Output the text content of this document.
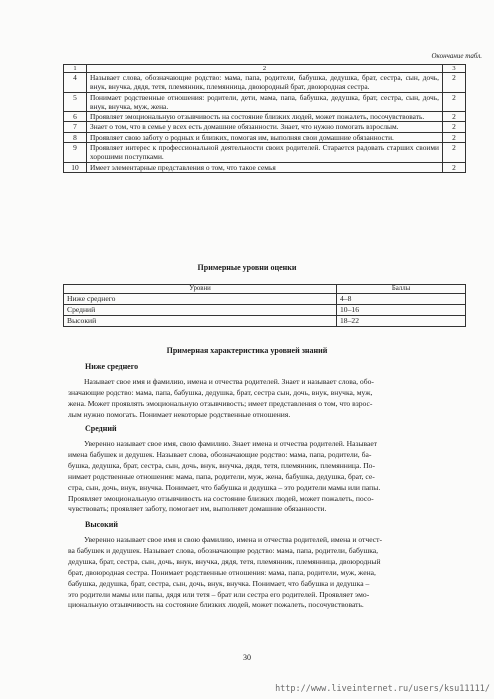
Окончание табл.
1	2	3
4	Называет слова, обозначающие родство: мама, папа, родители, бабушка, дедушка, брат, сестра, сын, дочь, внук, внучка, дядя, тетя, племянник, племянница, двоюродный брат, двоюродная сестра.	2
5	Понимает родственные отношения: родители, дети, мама, папа, бабушка, дедушка, брат, сестра, сын, дочь, внук, внучка, муж, жена.	2
6	Проявляет эмоциональную отзывчивость на состояние близких людей, может пожалеть, посочувствовать.	2
7	Знает о том, что в семье у всех есть домашние обязанности. Знает, что нужно помогать взрослым.	2
8	Проявляет свою заботу о родных и близких, помогая им, выполняя свои домашние обязанности.	2
9	Проявляет интерес к профессиональной деятельности своих родителей. Старается радовать старших своими хорошими поступками.	2
10	Имеет элементарные представления о том, что такое семья	2
Примерные уровни оценки
Уровни	Баллы
Ниже среднего	4–8
Средний	10–16
Высокий	18–22
Примерная характеристика уровней знаний
Ниже среднего
Называет свое имя и фамилию, имена и отчества родителей. Знает и называет слова, обо-
значающие родство: мама, папа, бабушка, дедушка, брат, сестра сын, дочь, внук, внучка, муж,
жена. Может проявлять эмоциональную отзывчивость; имеет представления о том, что взрос-
лым нужно помогать. Понимает некоторые родственные отношения.
Средний
Уверенно называет свое имя, свою фамилию. Знает имена и отчества родителей. Называет
имена бабушек и дедушек. Называет слова, обозначающие родство: мама, папа, родители, ба-
бушка, дедушка, брат, сестра, сын, дочь, внук, внучка, дядя, тетя, племянник, племянница. По-
нимает родственные отношения: мама, папа, родители, муж, жена, бабушка, дедушка, брат, се-
стра, сын, дочь, внук, внучка. Понимает, что бабушка и дедушка – это родители мамы или папы.
Проявляет эмоциональную отзывчивость на состояние близких людей, может пожалеть, посо-
чувствовать; проявляет заботу, помогает им, выполняет домашние обязанности.
Высокий
Уверенно называет свое имя и свою фамилию, имена и отчества родителей, имена и отчест-
ва бабушек и дедушек. Называет слова, обозначающие родство: мама, папа, родители, бабушка,
дедушка, брат, сестра, сын, дочь, внук, внучка, дядя, тетя, племянник, племянница, двоюродный
брат, двоюродная сестра. Понимает родственные отношения: мама, папа, родители, муж, жена,
бабушка, дедушка, брат, сестра, сын, дочь, внук, внучка. Понимает, что бабушка и дедушка –
это родители мамы или папы, дядя или тетя – брат или сестра его родителей. Проявляет эмо-
циональную отзывчивость на состояние близких людей, может пожалеть, посочувствовать.
30
http://www.liveinternet.ru/users/ksu11111/
